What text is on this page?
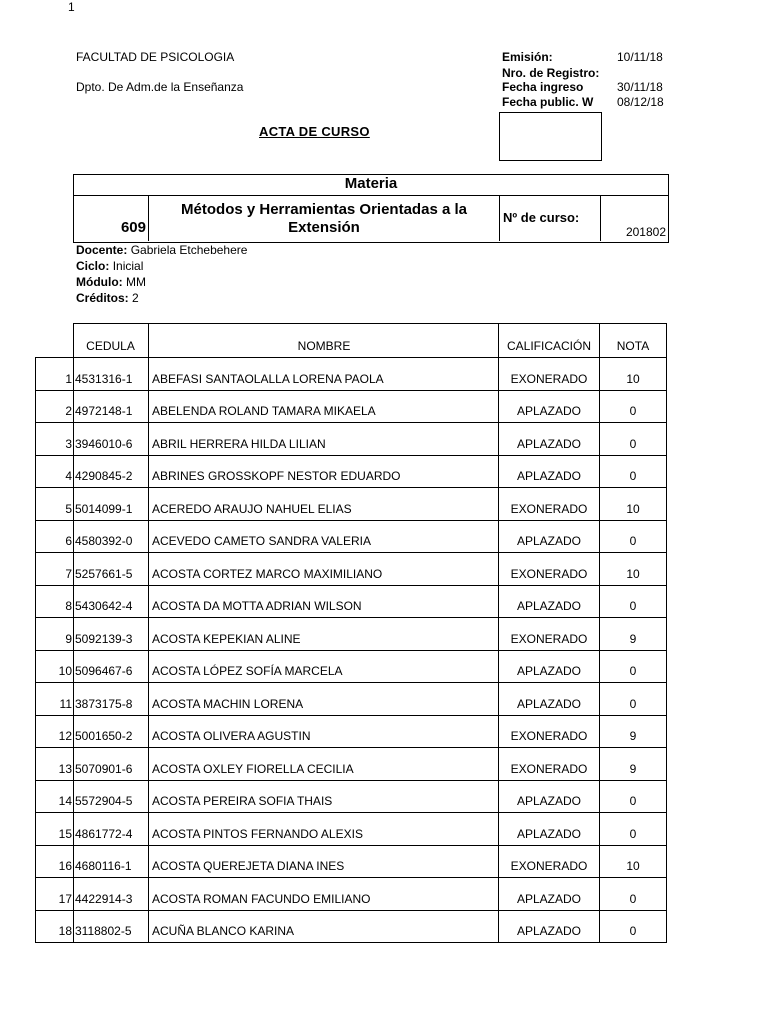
1
FACULTAD DE PSICOLOGIA
Dpto. De Adm.de la Enseñanza
Emisión:	10/11/18
Nro. de Registro:
Fecha ingreso	30/11/18
Fecha public. W 08/12/18
ACTA DE CURSO
Materia
609
Métodos y Herramientas Orientadas a la
Extensión
Nº de curso:
201802
Docente: Gabriela Etchebehere
Ciclo: Inicial
Módulo: MM
Créditos: 2
	CEDULA	NOMBRE	CALIFICACIÓN	NOTA
1	4531316-1	ABEFASI SANTAOLALLA LORENA PAOLA	EXONERADO	10
2	4972148-1	ABELENDA ROLAND TAMARA MIKAELA	APLAZADO	0
3	3946010-6	ABRIL HERRERA HILDA LILIAN	APLAZADO	0
4	4290845-2	ABRINES GROSSKOPF NESTOR EDUARDO	APLAZADO	0
5	5014099-1	ACEREDO ARAUJO NAHUEL ELIAS	EXONERADO	10
6	4580392-0	ACEVEDO CAMETO SANDRA VALERIA	APLAZADO	0
7	5257661-5	ACOSTA CORTEZ MARCO MAXIMILIANO	EXONERADO	10
8	5430642-4	ACOSTA DA MOTTA ADRIAN WILSON	APLAZADO	0
9	5092139-3	ACOSTA KEPEKIAN ALINE	EXONERADO	9
10	5096467-6	ACOSTA LÓPEZ SOFÍA MARCELA	APLAZADO	0
11	3873175-8	ACOSTA MACHIN LORENA	APLAZADO	0
12	5001650-2	ACOSTA OLIVERA AGUSTIN	EXONERADO	9
13	5070901-6	ACOSTA OXLEY FIORELLA CECILIA	EXONERADO	9
14	5572904-5	ACOSTA PEREIRA SOFIA THAIS	APLAZADO	0
15	4861772-4	ACOSTA PINTOS FERNANDO ALEXIS	APLAZADO	0
16	4680116-1	ACOSTA QUEREJETA DIANA INES	EXONERADO	10
17	4422914-3	ACOSTA ROMAN FACUNDO EMILIANO	APLAZADO	0
18	3118802-5	ACUÑA BLANCO KARINA	APLAZADO	0
